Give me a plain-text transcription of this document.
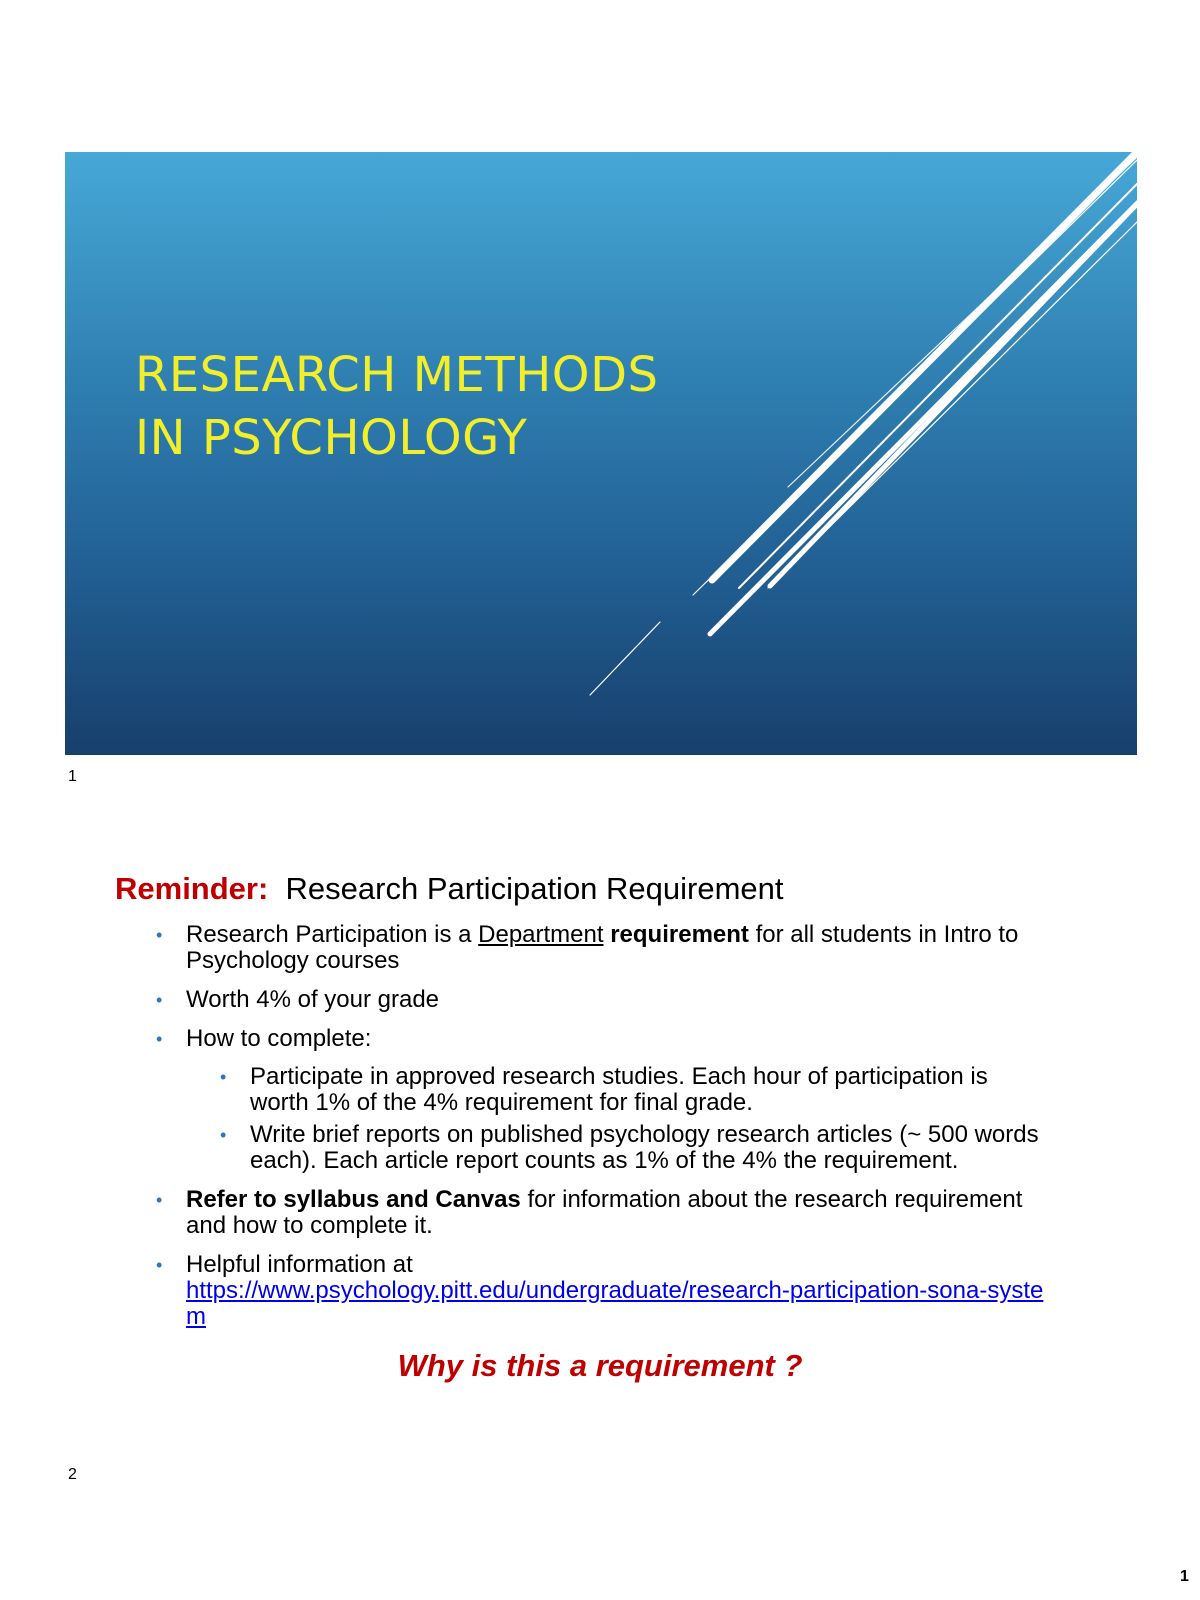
RESEARCH METHODS
IN PSYCHOLOGY
1
Reminder: Research Participation Requirement
• Research Participation is a Department requirement for all students in Intro to Psychology courses
• Worth 4% of your grade
• How to complete:
• Participate in approved research studies. Each hour of participation is worth 1% of the 4% requirement for final grade.
• Write brief reports on published psychology research articles (~ 500 words each). Each article report counts as 1% of the 4% the requirement.
• Refer to syllabus and Canvas for information about the research requirement and how to complete it.
• Helpful information at
https://www.psychology.pitt.edu/undergraduate/research-participation-sona-system

Why is this a requirement ?

2
1
